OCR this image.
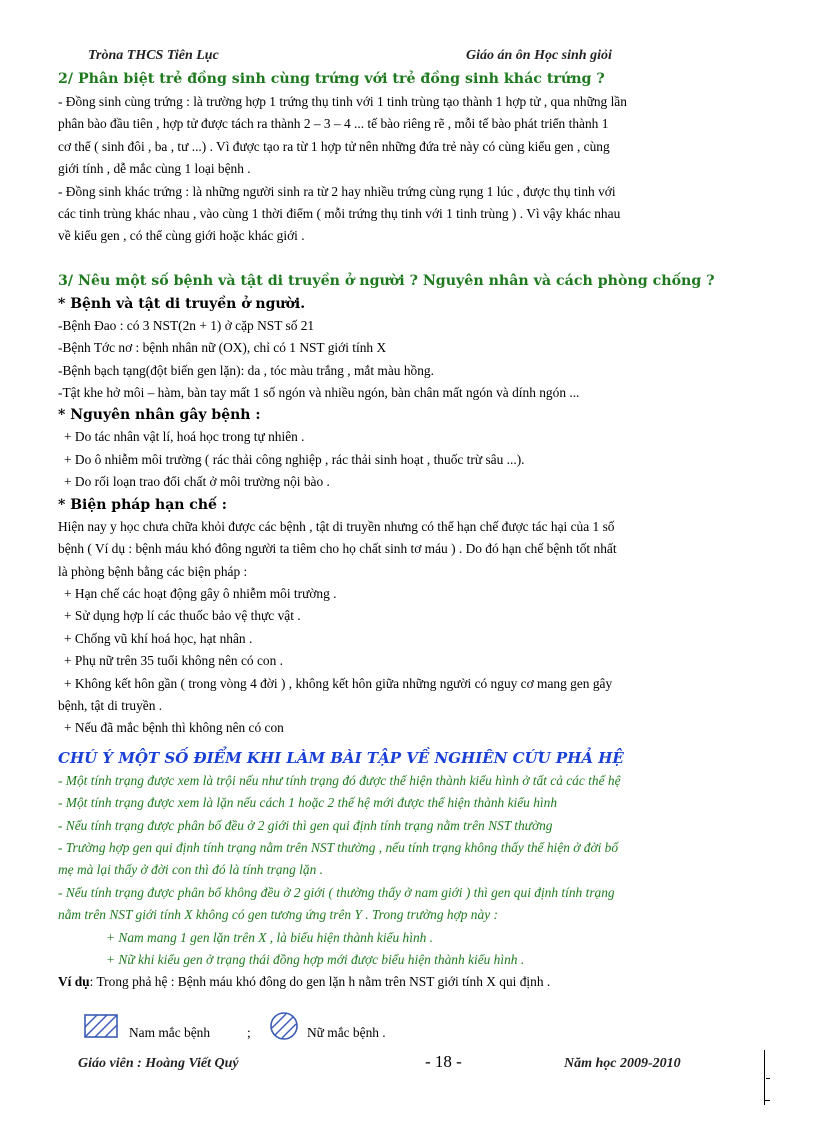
Tròna THCS Tiên Lục	Giáo án ôn Học sinh giỏi
2/ Phân biệt trẻ đồng sinh cùng trứng với trẻ đồng sinh khác trứng ?
- Đồng sinh cùng trứng : là trường hợp 1 trứng thụ tinh với 1 tinh trùng tạo thành 1 hợp tử , qua những lần
phân bào đầu tiên , hợp tử được tách ra thành 2 – 3 – 4 ... tế bào riêng rẽ , mỗi tế bào phát triển thành 1
cơ thể ( sinh đôi , ba , tư ...) . Vì được tạo ra từ 1 hợp tử nên những đứa trẻ này có cùng kiểu gen , cùng
giới tính , dễ mắc cùng 1 loại bệnh .
- Đồng sinh khác trứng : là những người sinh ra từ 2 hay nhiều trứng cùng rụng 1 lúc , được thụ tinh với
các tinh trùng khác nhau , vào cùng 1 thời điểm ( mỗi trứng thụ tinh với 1 tinh trùng ) . Vì vậy khác nhau
về kiểu gen , có thể cùng giới hoặc khác giới .
3/ Nêu một số bệnh và tật di truyền ở người ? Nguyên nhân và cách phòng chống ?
* Bệnh và tật di truyền ở người.
-Bệnh Đao : có 3 NST(2n + 1) ở cặp NST số 21
-Bệnh Tớc nơ : bệnh nhân nữ (OX), chỉ có 1 NST giới tính X
-Bệnh bạch tạng(đột biến gen lặn): da , tóc màu trắng , mắt màu hồng.
-Tật khe hở môi – hàm, bàn tay mất 1 số ngón và nhiều ngón, bàn chân mất ngón và dính ngón ...
* Nguyên nhân gây bệnh :
+ Do tác nhân vật lí, hoá học trong tự nhiên .
+ Do ô nhiễm môi trường ( rác thải công nghiệp , rác thải sinh hoạt , thuốc trừ sâu ...).
+ Do rối loạn trao đổi chất ở môi trường nội bào .
* Biện pháp hạn chế :
Hiện nay y học chưa chữa khỏi được các bệnh , tật di truyền nhưng có thể hạn chế được tác hại của 1 số
bệnh ( Ví dụ : bệnh máu khó đông người ta tiêm cho họ chất sinh tơ máu ) . Do đó hạn chế bệnh tốt nhất
là phòng bệnh bằng các biện pháp :
+ Hạn chế các hoạt động gây ô nhiễm môi trường .
+ Sử dụng hợp lí các thuốc bảo vệ thực vật .
+ Chống vũ khí hoá học, hạt nhân .
+ Phụ nữ trên 35 tuổi không nên có con .
+ Không kết hôn gần ( trong vòng 4 đời ) , không kết hôn giữa những người có nguy cơ mang gen gây
bệnh, tật di truyền .
+ Nếu đã mắc bệnh thì không nên có con
CHÚ Ý MỘT SỐ ĐIỂM KHI LÀM BÀI TẬP VỀ NGHIÊN CỨU PHẢ HỆ
- Một tính trạng được xem là trội nếu như tính trạng đó được thể hiện thành kiểu hình ở tất cả các thế hệ
- Một tính trạng được xem là lặn nếu cách 1 hoặc 2 thế hệ mới được thể hiện thành kiểu hình
- Nếu tính trạng được phân bố đều ở 2 giới thì gen qui định tính trạng nằm trên NST thường
- Trường hợp gen qui định tính trạng nằm trên NST thường , nếu tính trạng không thấy thể hiện ở đời bố
mẹ mà lại thấy ở đời con thì đó là tính trạng lặn .
- Nếu tính trạng được phân bố không đều ở 2 giới ( thường thấy ở nam giới ) thì gen qui định tính trạng
nằm trên NST giới tính X không có gen tương ứng trên Y . Trong trường hợp này :
+ Nam mang 1 gen lặn trên X , là biểu hiện thành kiểu hình .
+ Nữ khi kiểu gen ở trạng thái đồng hợp mới được biểu hiện thành kiểu hình .
Ví dụ: Trong phả hệ : Bệnh máu khó đông do gen lặn h nằm trên NST giới tính X qui định .
Nam mắc bệnh	;	Nữ mắc bệnh .
Giáo viên : Hoàng Viết Quý	- 18 -	Năm học 2009-2010
